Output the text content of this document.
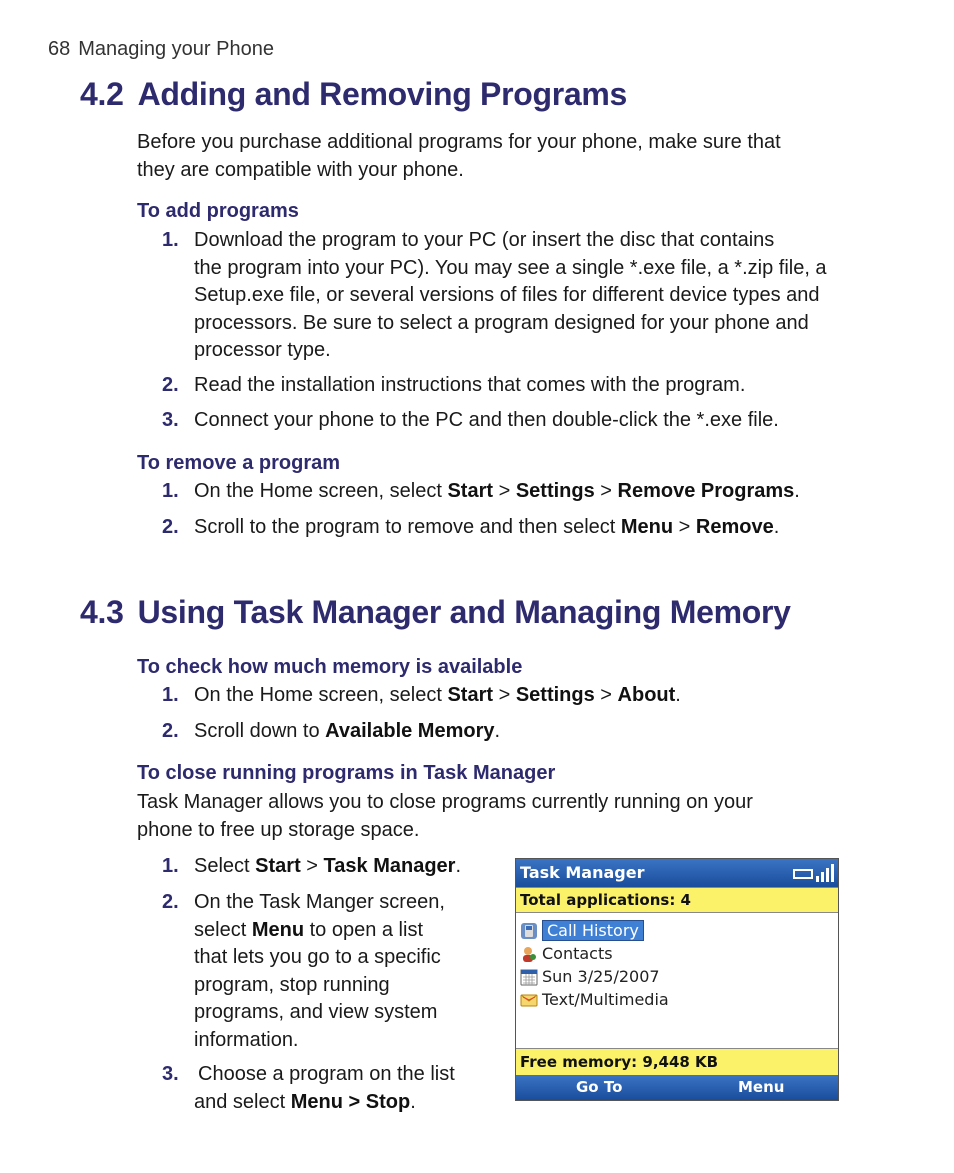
68 Managing your Phone
4.2 Adding and Removing Programs

Before you purchase additional programs for your phone, make sure that
they are compatible with your phone.

To add programs

1. Download the program to your PC (or insert the disc that contains
the program into your PC). You may see a single *.exe file, a *.zip file, a
Setup.exe file, or several versions of files for different device types and
processors. Be sure to select a program designed for your phone and
processor type.
2. Read the installation instructions that comes with the program.
3. Connect your phone to the PC and then double-click the *.exe file.

To remove a program

1. On the Home screen, select Start > Settings > Remove Programs.
2. Scroll to the program to remove and then select Menu > Remove.
4.3 Using Task Manager and Managing Memory

To check how much memory is available

1. On the Home screen, select Start > Settings > About.
2. Scroll down to Available Memory.

To close running programs in Task Manager

Task Manager allows you to close programs currently running on your
phone to free up storage space.

1. Select Start > Task Manager.
2. On the Task Manger screen,
select Menu to open a list
that lets you go to a specific
program, stop running
programs, and view system
information.
3. Choose a program on the list
and select Menu > Stop.
Task Manager
Total applications: 4
Call History
Contacts
Sun 3/25/2007
Text/Multimedia
Free memory: 9,448 KB
Go To	Menu
